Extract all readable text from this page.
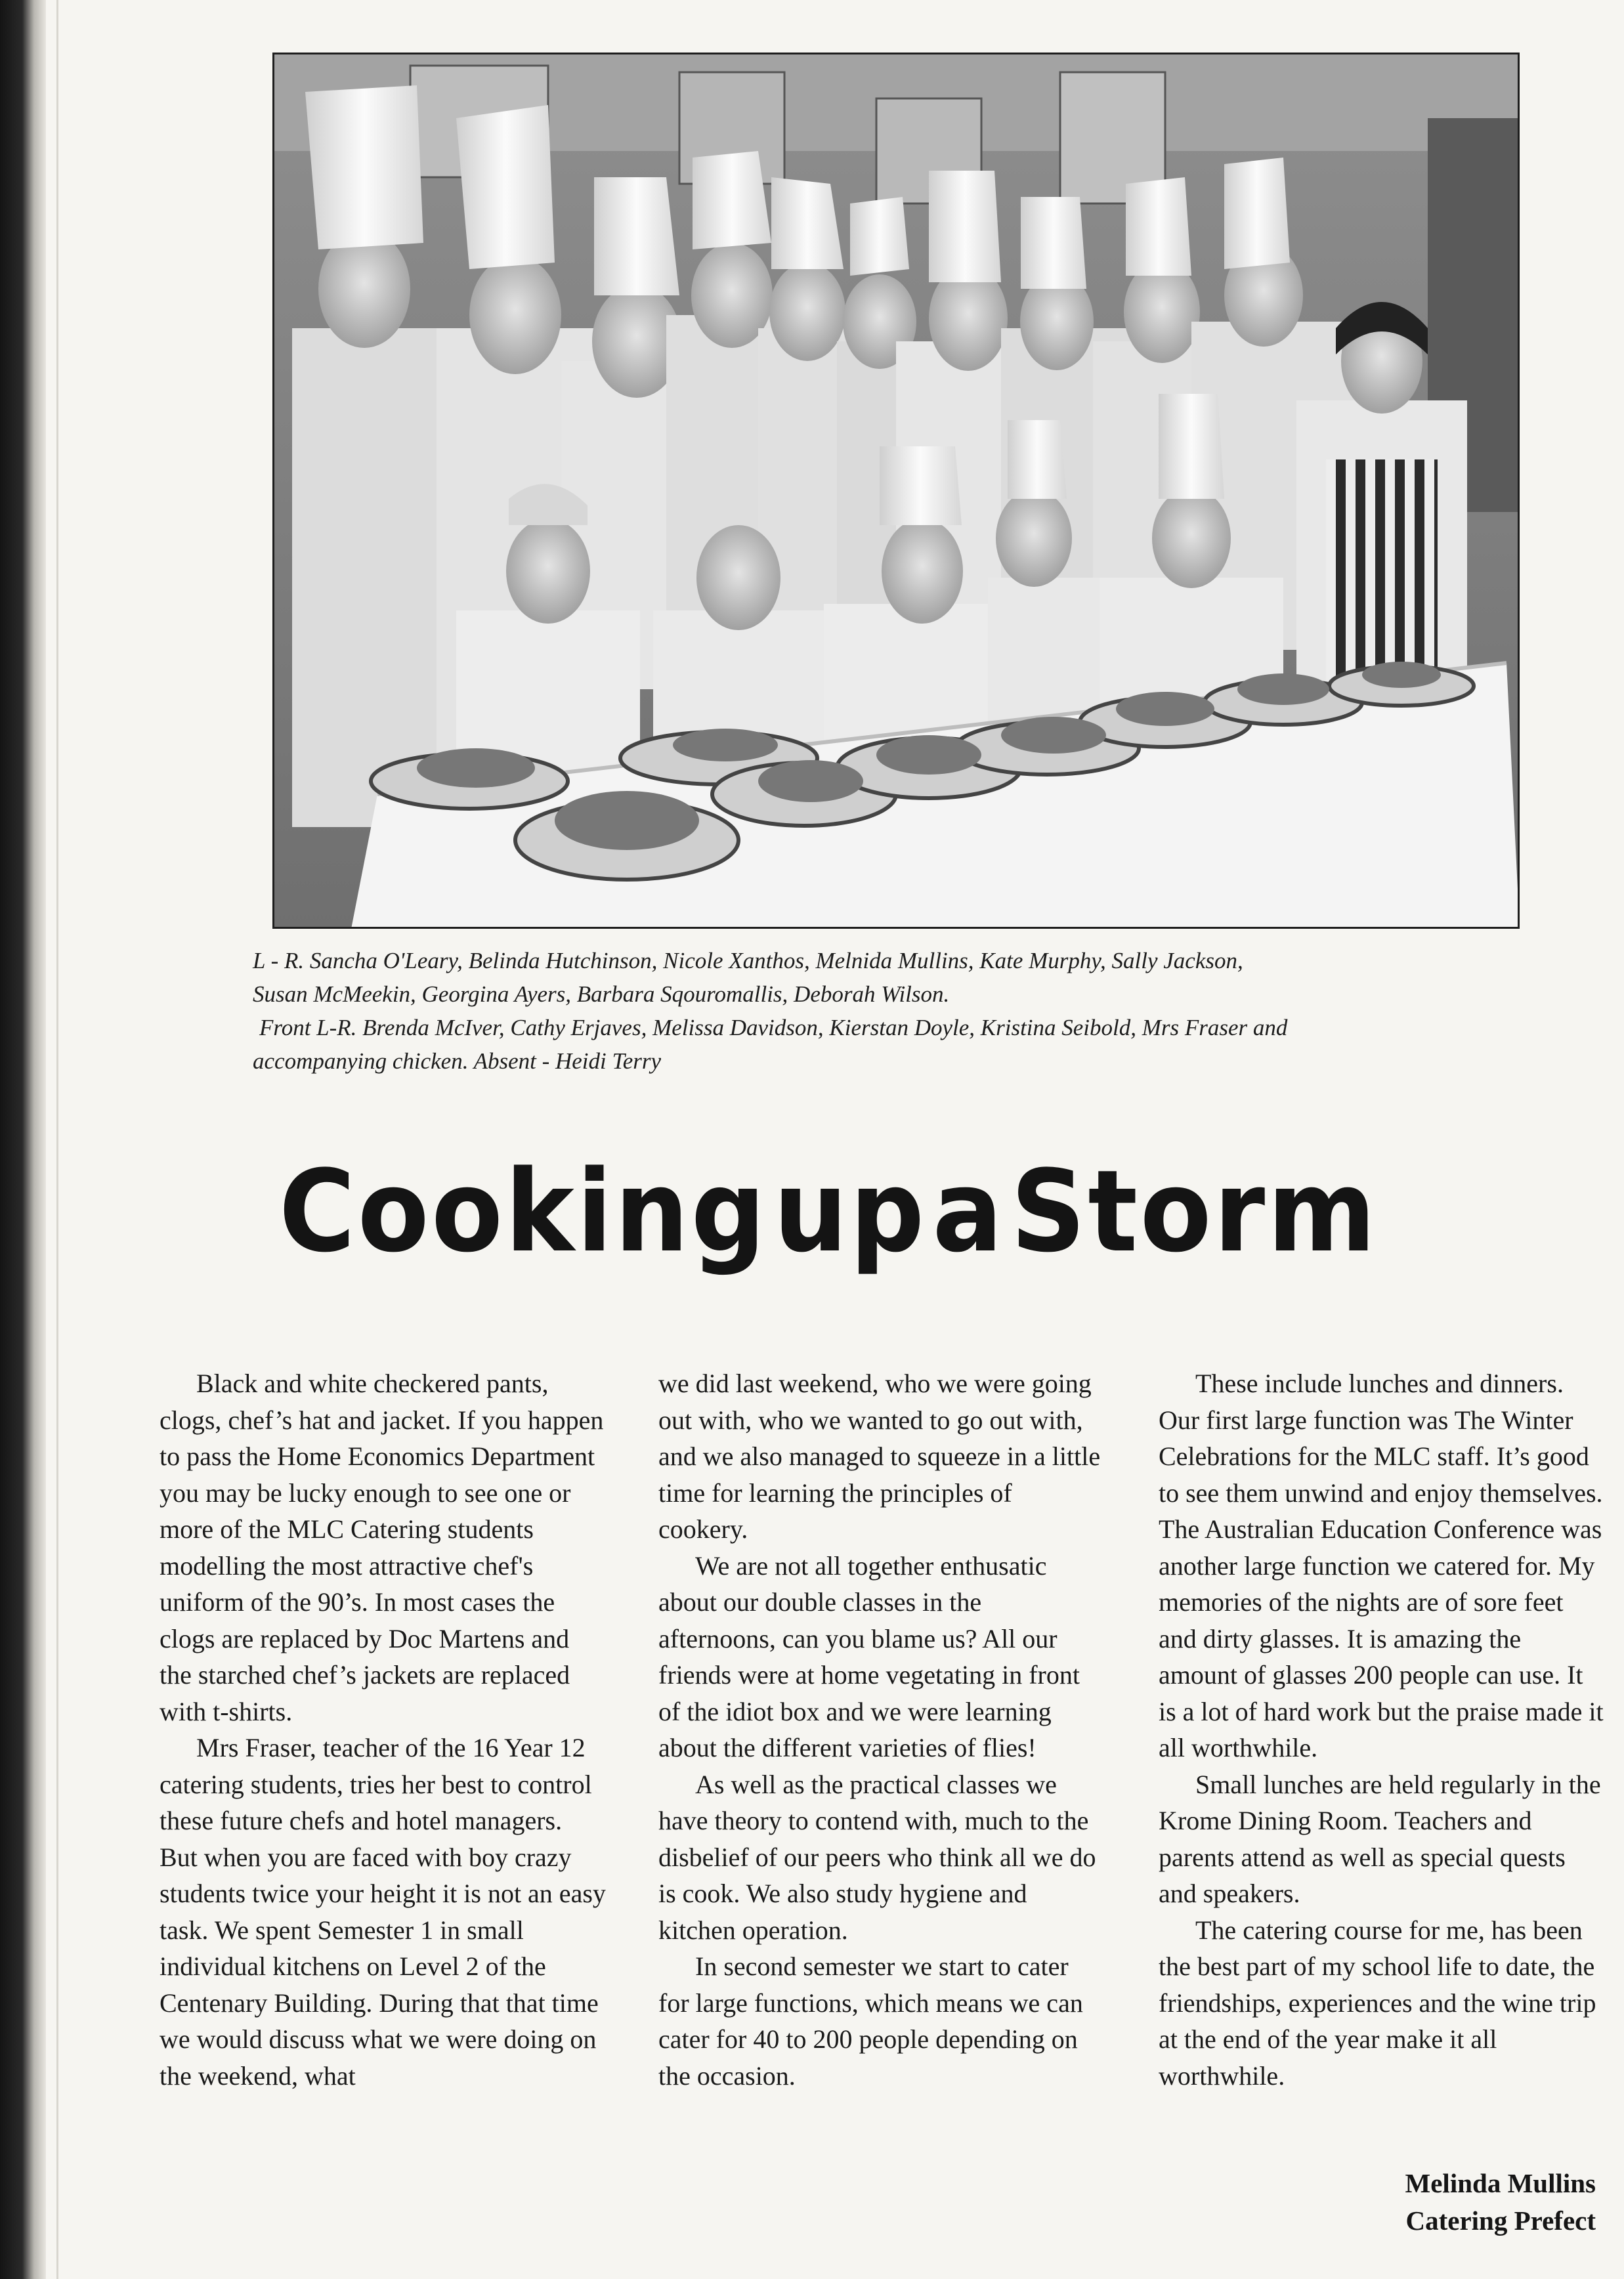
L - R. Sancha O'Leary, Belinda Hutchinson, Nicole Xanthos, Melnida Mullins, Kate Murphy, Sally Jackson,
Susan McMeekin, Georgina Ayers, Barbara Sqouromallis, Deborah Wilson.
Front L-R. Brenda McIver, Cathy Erjaves, Melissa Davidson, Kierstan Doyle, Kristina Seibold, Mrs Fraser and
accompanying chicken. Absent - Heidi Terry
Cooking up a Storm

Black and white checkered pants, clogs, chef’s hat and jacket. If you happen to pass the Home Economics Department you may be lucky enough to see one or more of the MLC Catering students modelling the most attractive chef's uniform of the 90’s. In most cases the clogs are replaced by Doc Martens and the starched chef’s jackets are replaced with t-shirts.

Mrs Fraser, teacher of the 16 Year 12 catering students, tries her best to control these future chefs and hotel managers. But when you are faced with boy crazy students twice your height it is not an easy task. We spent Semester 1 in small individual kitchens on Level 2 of the Centenary Building. During that that time we would discuss what we were doing on the weekend, what

we did last weekend, who we were going out with, who we wanted to go out with, and we also managed to squeeze in a little time for learning the principles of cookery.

We are not all together enthusatic about our double classes in the afternoons, can you blame us? All our friends were at home vegetating in front of the idiot box and we were learning about the different varieties of flies!

As well as the practical classes we have theory to contend with, much to the disbelief of our peers who think all we do is cook. We also study hygiene and kitchen operation.

In second semester we start to cater for large functions, which means we can cater for 40 to 200 people depending on the occasion.

These include lunches and dinners. Our first large function was The Winter Celebrations for the MLC staff. It’s good to see them unwind and enjoy themselves. The Australian Education Conference was another large function we catered for. My memories of the nights are of sore feet and dirty glasses. It is amazing the amount of glasses 200 people can use. It is a lot of hard work but the praise made it all worthwhile.

Small lunches are held regularly in the Krome Dining Room. Teachers and parents attend as well as special quests and speakers.

The catering course for me, has been the best part of my school life to date, the friendships, experiences and the wine trip at the end of the year make it all worthwhile.

Melinda Mullins
Catering Prefect
